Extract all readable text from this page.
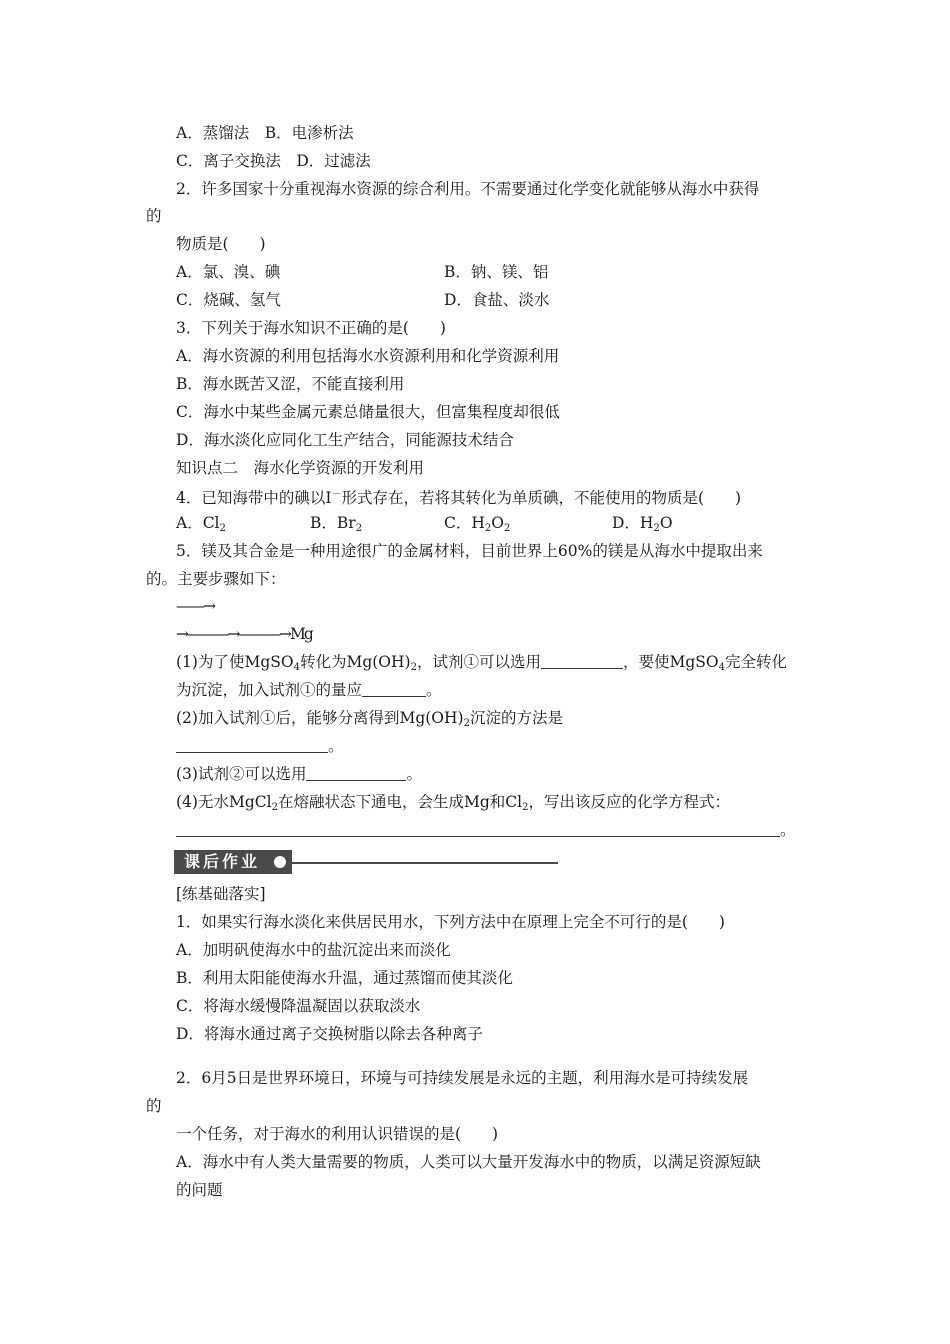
A．蒸馏法　B．电渗析法
C．离子交换法　D．过滤法
2．许多国家十分重视海水资源的综合利用。不需要通过化学变化就能够从海水中获得
的
物质是(　　)
A．氯、溴、碘	B．钠、镁、铝
C．烧碱、氢气	D．食盐、淡水
3．下列关于海水知识不正确的是(　　)
A．海水资源的利用包括海水水资源利用和化学资源利用
B．海水既苦又涩，不能直接利用
C．海水中某些金属元素总储量很大，但富集程度却很低
D．海水淡化应同化工生产结合，同能源技术结合
知识点二　海水化学资源的开发利用
4．已知海带中的碘以I－形式存在，若将其转化为单质碘，不能使用的物质是(　　)
A．$Cl_2$	B．$Br_2$	C．$H_2O_2$	D．$H_2O$
5．镁及其合金是一种用途很广的金属材料，目前世界上60%的镁是从海水中提取出来
的。主要步骤如下：
——→
→———→———→Mg
(1)为了使MgSO$_4$转化为$Mg(OH)_2$，试剂①可以选用	，要使MgSO$_4$完全转化
为沉淀，加入试剂①的量应	。
(2)加入试剂①后，能够分离得到$Mg(OH)_2$沉淀的方法是
。
(3)试剂②可以选用	。
(4)无水MgCl$_2$在熔融状态下通电，会生成Mg和$Cl_2$，写出该反应的化学方程式：
。
课后作业
[练基础落实]
1．如果实行海水淡化来供居民用水，下列方法中在原理上完全不可行的是(　　)
A．加明矾使海水中的盐沉淀出来而淡化
B．利用太阳能使海水升温，通过蒸馏而使其淡化
C．将海水缓慢降温凝固以获取淡水
D．将海水通过离子交换树脂以除去各种离子
2．6月5日是世界环境日，环境与可持续发展是永远的主题，利用海水是可持续发展
的
一个任务，对于海水的利用认识错误的是(　　)
A．海水中有人类大量需要的物质，人类可以大量开发海水中的物质，以满足资源短缺
的问题
